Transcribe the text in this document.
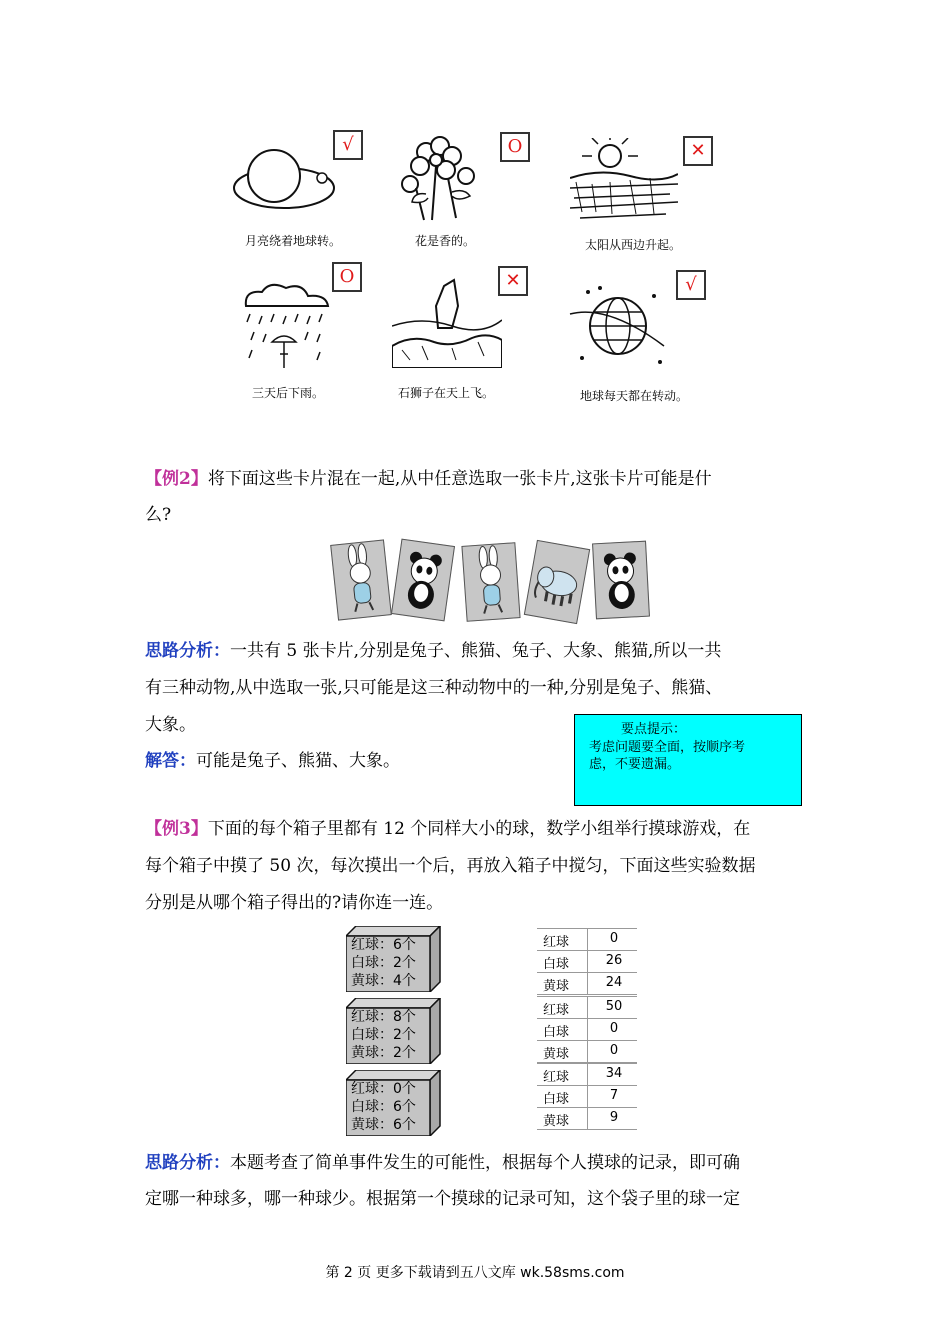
√
月亮绕着地球转。
O
花是香的。
✕
太阳从西边升起。
O
三天后下雨。
✕
石狮子在天上飞。
√
地球每天都在转动。
【例2】将下面这些卡片混在一起,从中任意选取一张卡片,这张卡片可能是什
么?
思路分析：一共有 5 张卡片,分别是兔子、熊猫、兔子、大象、熊猫,所以一共
有三种动物,从中选取一张,只可能是这三种动物中的一种,分别是兔子、熊猫、
大象。
解答：可能是兔子、熊猫、大象。
要点提示：
考虑问题要全面，按顺序考
虑，不要遗漏。
【例3】下面的每个箱子里都有 12 个同样大小的球，数学小组举行摸球游戏，在
每个箱子中摸了 50 次，每次摸出一个后，再放入箱子中搅匀，下面这些实验数据
分别是从哪个箱子得出的?请你连一连。
红球：6个
白球：2个
黄球：4个
红球：8个
白球：2个
黄球：2个
红球：0个
白球：6个
黄球：6个
红球	0
白球	26
黄球	24
红球	50
白球	0
黄球	0
红球	34
白球	7
黄球	9
思路分析：本题考查了简单事件发生的可能性，根据每个人摸球的记录，即可确
定哪一种球多，哪一种球少。根据第一个摸球的记录可知，这个袋子里的球一定
第 2 页 更多下载请到五八文库 wk.58sms.com
